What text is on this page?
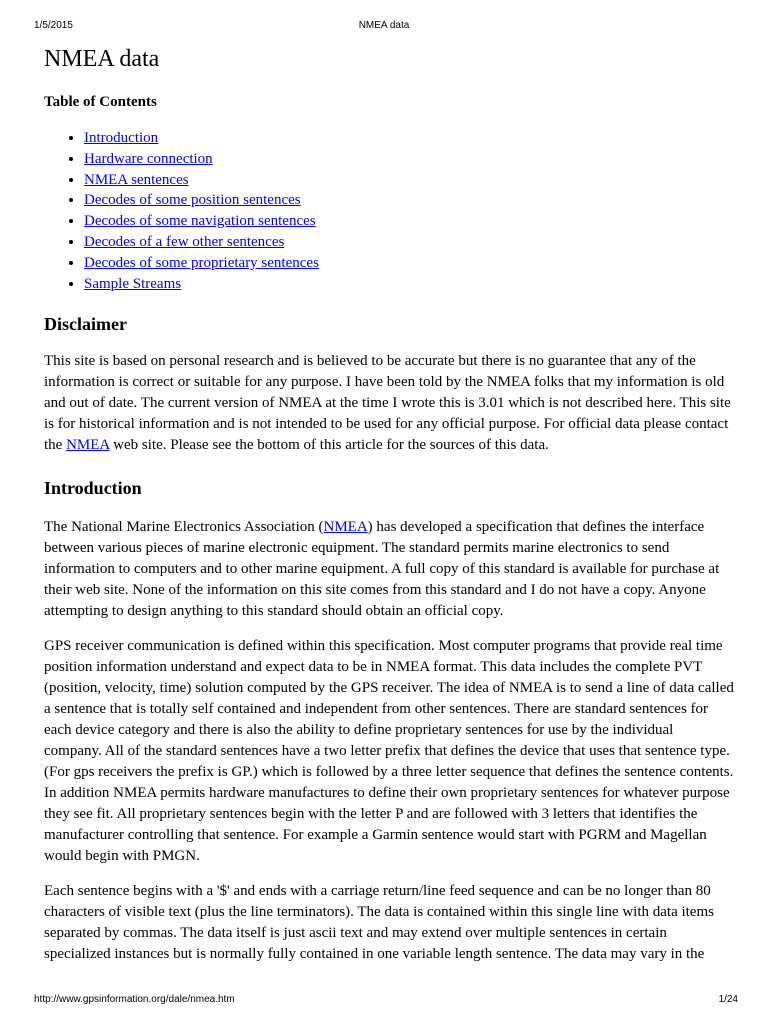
1/5/2015	NMEA data
NMEA data
Table of Contents
• Introduction
• Hardware connection
• NMEA sentences
• Decodes of some position sentences
• Decodes of some navigation sentences
• Decodes of a few other sentences
• Decodes of some proprietary sentences
• Sample Streams
Disclaimer

This site is based on personal research and is believed to be accurate but there is no guarantee that any of the information is correct or suitable for any purpose. I have been told by the NMEA folks that my information is old and out of date. The current version of NMEA at the time I wrote this is 3.01 which is not described here. This site is for historical information and is not intended to be used for any official purpose. For official data please contact the NMEA web site. Please see the bottom of this article for the sources of this data.

Introduction

The National Marine Electronics Association (NMEA) has developed a specification that defines the interface between various pieces of marine electronic equipment. The standard permits marine electronics to send information to computers and to other marine equipment. A full copy of this standard is available for purchase at their web site. None of the information on this site comes from this standard and I do not have a copy. Anyone attempting to design anything to this standard should obtain an official copy.

GPS receiver communication is defined within this specification. Most computer programs that provide real time position information understand and expect data to be in NMEA format. This data includes the complete PVT (position, velocity, time) solution computed by the GPS receiver. The idea of NMEA is to send a line of data called a sentence that is totally self contained and independent from other sentences. There are standard sentences for each device category and there is also the ability to define proprietary sentences for use by the individual company. All of the standard sentences have a two letter prefix that defines the device that uses that sentence type. (For gps receivers the prefix is GP.) which is followed by a three letter sequence that defines the sentence contents. In addition NMEA permits hardware manufactures to define their own proprietary sentences for whatever purpose they see fit. All proprietary sentences begin with the letter P and are followed with 3 letters that identifies the manufacturer controlling that sentence. For example a Garmin sentence would start with PGRM and Magellan would begin with PMGN.

Each sentence begins with a '$' and ends with a carriage return/line feed sequence and can be no longer than 80 characters of visible text (plus the line terminators). The data is contained within this single line with data items separated by commas. The data itself is just ascii text and may extend over multiple sentences in certain specialized instances but is normally fully contained in one variable length sentence. The data may vary in the

http://www.gpsinformation.org/dale/nmea.htm	1/24
